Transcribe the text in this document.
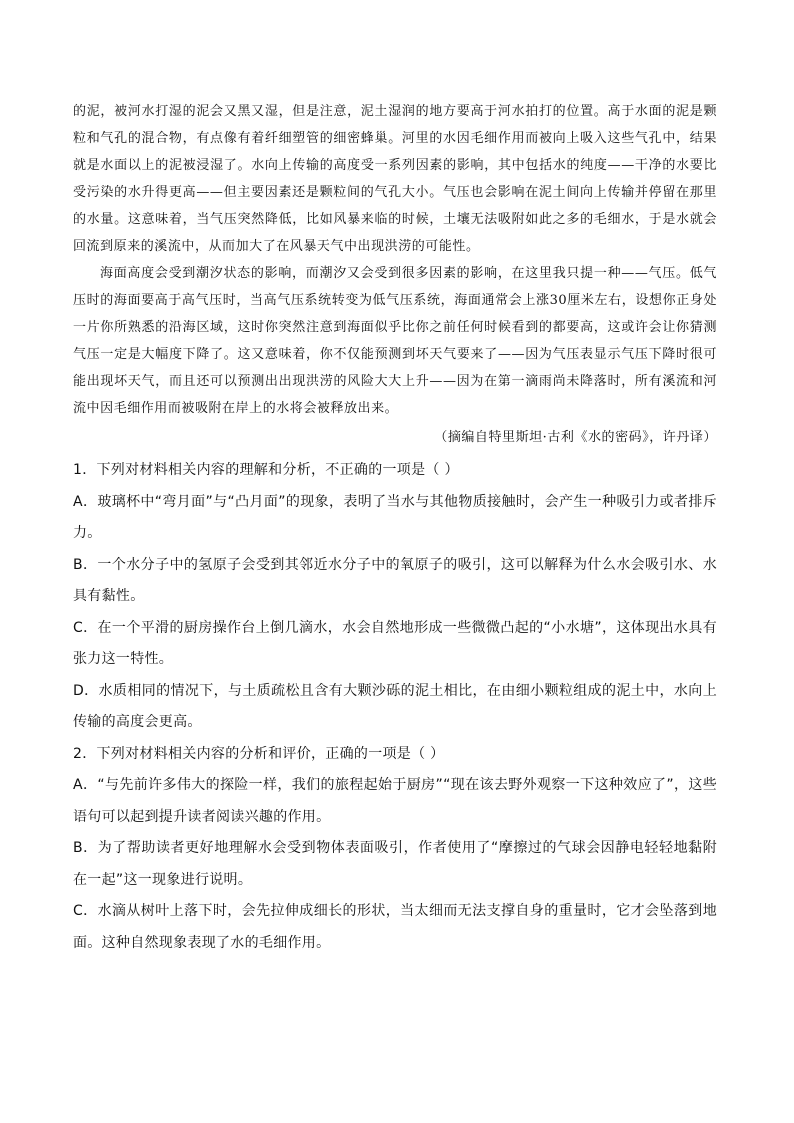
的泥，被河水打湿的泥会又黑又湿，但是注意，泥土湿润的地方要高于河水拍打的位置。高于水面的泥是颗粒和气孔的混合物，有点像有着纤细塑管的细密蜂巢。河里的水因毛细作用而被向上吸入这些气孔中，结果就是水面以上的泥被浸湿了。水向上传输的高度受一系列因素的影响，其中包括水的纯度——干净的水要比受污染的水升得更高——但主要因素还是颗粒间的气孔大小。气压也会影响在泥土间向上传输并停留在那里的水量。这意味着，当气压突然降低，比如风暴来临的时候，土壤无法吸附如此之多的毛细水，于是水就会回流到原来的溪流中，从而加大了在风暴天气中出现洪涝的可能性。

海面高度会受到潮汐状态的影响，而潮汐又会受到很多因素的影响，在这里我只提一种——气压。低气压时的海面要高于高气压时，当高气压系统转变为低气压系统，海面通常会上涨30厘米左右，设想你正身处一片你所熟悉的沿海区域，这时你突然注意到海面似乎比你之前任何时候看到的都要高，这或许会让你猜测气压一定是大幅度下降了。这又意味着，你不仅能预测到坏天气要来了——因为气压表显示气压下降时很可能出现坏天气，而且还可以预测出出现洪涝的风险大大上升——因为在第一滴雨尚未降落时，所有溪流和河流中因毛细作用而被吸附在岸上的水将会被释放出来。

（摘编自特里斯坦·古利《水的密码》，许丹译）

1．下列对材料相关内容的理解和分析，不正确的一项是（ ）

A．玻璃杯中“弯月面”与“凸月面”的现象，表明了当水与其他物质接触时，会产生一种吸引力或者排斥力。

B．一个水分子中的氢原子会受到其邻近水分子中的氧原子的吸引，这可以解释为什么水会吸引水、水具有黏性。

C．在一个平滑的厨房操作台上倒几滴水，水会自然地形成一些微微凸起的“小水塘”，这体现出水具有张力这一特性。

D．水质相同的情况下，与土质疏松且含有大颗沙砾的泥土相比，在由细小颗粒组成的泥土中，水向上传输的高度会更高。

2．下列对材料相关内容的分析和评价，正确的一项是（ ）

A．“与先前许多伟大的探险一样，我们的旅程起始于厨房”“现在该去野外观察一下这种效应了”，这些语句可以起到提升读者阅读兴趣的作用。

B．为了帮助读者更好地理解水会受到物体表面吸引，作者使用了“摩擦过的气球会因静电轻轻地黏附在一起”这一现象进行说明。

C．水滴从树叶上落下时，会先拉伸成细长的形状，当太细而无法支撑自身的重量时，它才会坠落到地面。这种自然现象表现了水的毛细作用。
